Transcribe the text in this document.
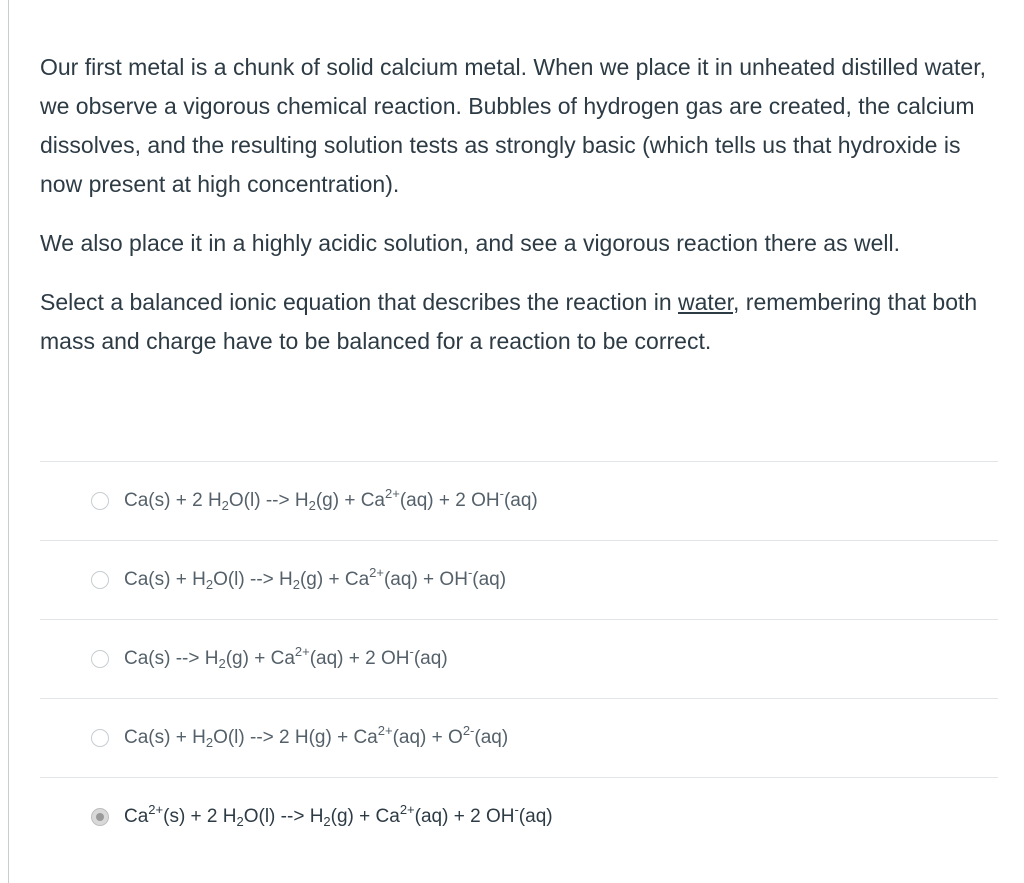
Our first metal is a chunk of solid calcium metal. When we place it in unheated distilled water, we observe a vigorous chemical reaction. Bubbles of hydrogen gas are created, the calcium dissolves, and the resulting solution tests as strongly basic (which tells us that hydroxide is now present at high concentration).

We also place it in a highly acidic solution, and see a vigorous reaction there as well.

Select a balanced ionic equation that describes the reaction in water, remembering that both mass and charge have to be balanced for a reaction to be correct.

Ca(s) + 2 $H_2O(l)$ --> $H_2(g) + Ca^{2+}(aq) + 2$ OH-(aq)
$Ca(s) + H_2O(l)$ --> $H_2(g) + Ca^{2+}(aq) + OH^-(aq)$
Ca(s) --> $H_2(g) + Ca^{2+}(aq) + 2$ OH-(aq)
$Ca(s) + H_2O(l)$ --> 2 $H(g) + Ca^{2+}(aq) + O^{2-}(aq)$
$Ca^{2+}(s) + 2$ $H_2O(l)$ --> $H_2(g) + Ca^{2+}(aq) + 2$ OH-(aq)
